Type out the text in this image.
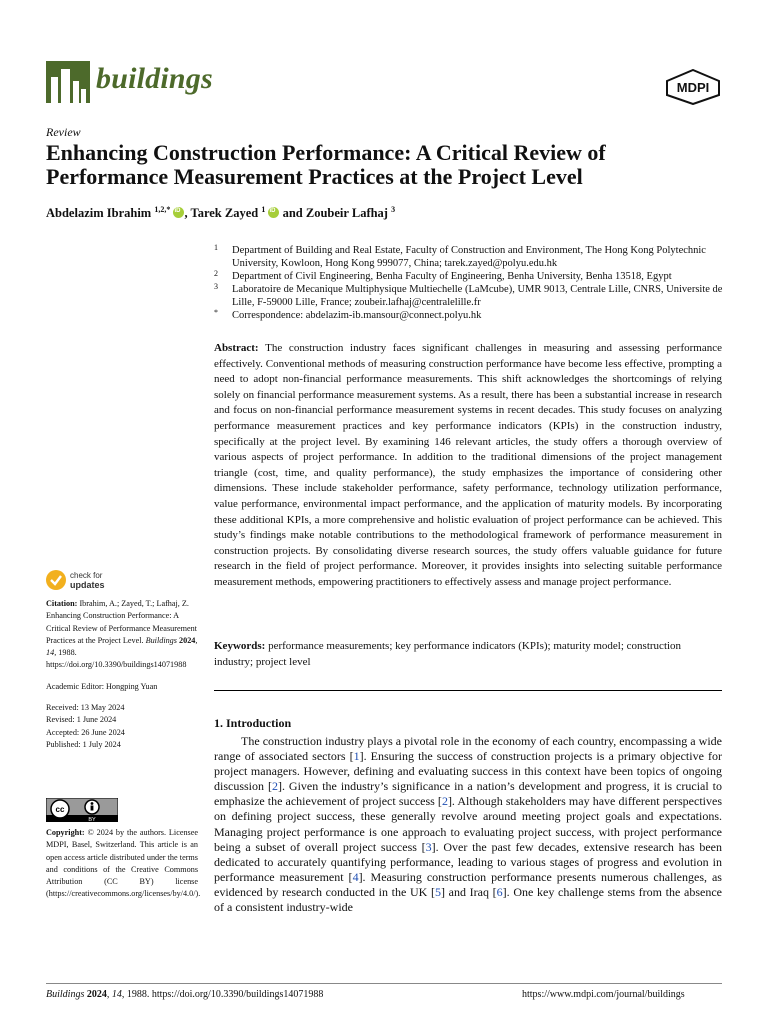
buildings	MDPI
Review
Enhancing Construction Performance: A Critical Review of Performance Measurement Practices at the Project Level
Abdelazim Ibrahim $^{1,2,*}$ iD , Tarek Zayed $^1$ iD and Zoubeir Lafhaj $^3$

1 Department of Building and Real Estate, Faculty of Construction and Environment, The Hong Kong Polytechnic University, Kowloon, Hong Kong 999077, China; tarek.zayed@polyu.edu.hk

2 Department of Civil Engineering, Benha Faculty of Engineering, Benha University, Benha 13518, Egypt

3 Laboratoire de Mecanique Multiphysique Multiechelle (LaMcube), UMR 9013, Centrale Lille, CNRS, Universite de Lille, F-59000 Lille, France; zoubeir.lafhaj@centralelille.fr

* Correspondence: abdelazim-ib.mansour@connect.polyu.hk

Abstract: The construction industry faces significant challenges in measuring and assessing performance effectively. Conventional methods of measuring construction performance have become less effective, prompting a need to adopt non-financial performance measurements. This shift acknowledges the shortcomings of relying solely on financial performance measurement systems. As a result, there has been a substantial increase in research and focus on non-financial performance measurement systems in recent decades. This study focuses on analyzing performance measurement practices and key performance indicators (KPIs) in the construction industry, specifically at the project level. By examining 146 relevant articles, the study offers a thorough overview of various aspects of project performance. In addition to the traditional dimensions of the project management triangle (cost, time, and quality performance), the study emphasizes the importance of considering other dimensions. These include stakeholder performance, safety performance, technology utilization performance, value performance, environmental impact performance, and the application of maturity models. By incorporating these additional KPIs, a more comprehensive and holistic evaluation of project performance can be achieved. This study’s findings make notable contributions to the methodological framework of performance measurement in construction projects. By consolidating diverse research sources, the study offers valuable guidance for future research in the field of project performance. Moreover, it provides insights into selecting suitable performance measurement methods, empowering practitioners to effectively assess and manage project performance.
Keywords: performance measurements; key performance indicators (KPIs); maturity model; construction industry; project level
1. Introduction
The construction industry plays a pivotal role in the economy of each country, encompassing a wide range of associated sectors [1]. Ensuring the success of construction projects is a primary objective for project managers. However, defining and evaluating success in this context have been topics of ongoing discussion [2]. Given the industry’s significance in a nation’s development and progress, it is crucial to emphasize the achievement of project success [2]. Although stakeholders may have different perspectives on defining project success, these generally revolve around meeting project goals and expectations. Managing project performance is one approach to evaluating project success, with project performance being a subset of overall project success [3]. Over the past few decades, extensive research has been dedicated to accurately quantifying performance, leading to various stages of progress and evolution in performance measurement [4]. Measuring construction performance presents numerous challenges, as evidenced by research conducted in the UK [5] and Iraq [6]. One key challenge stems from the absence of a consistent industry-wide
check for
updates

Citation: Ibrahim, A.; Zayed, T.; Lafhaj, Z. Enhancing Construction Performance: A Critical Review of Performance Measurement Practices at the Project Level. Buildings 2024, 14, 1988. https://doi.org/10.3390/buildings14071988

Academic Editor: Hongping Yuan

Received: 13 May 2024

Revised: 1 June 2024

Accepted: 26 June 2024

Published: 1 July 2024

cc
BY
Copyright: © 2024 by the authors. Licensee MDPI, Basel, Switzerland. This article is an open access article distributed under the terms and conditions of the Creative Commons Attribution (CC BY) license (https://creativecommons.org/licenses/by/4.0/).
Buildings 2024, 14, 1988. https://doi.org/10.3390/buildings14071988	https://www.mdpi.com/journal/buildings
